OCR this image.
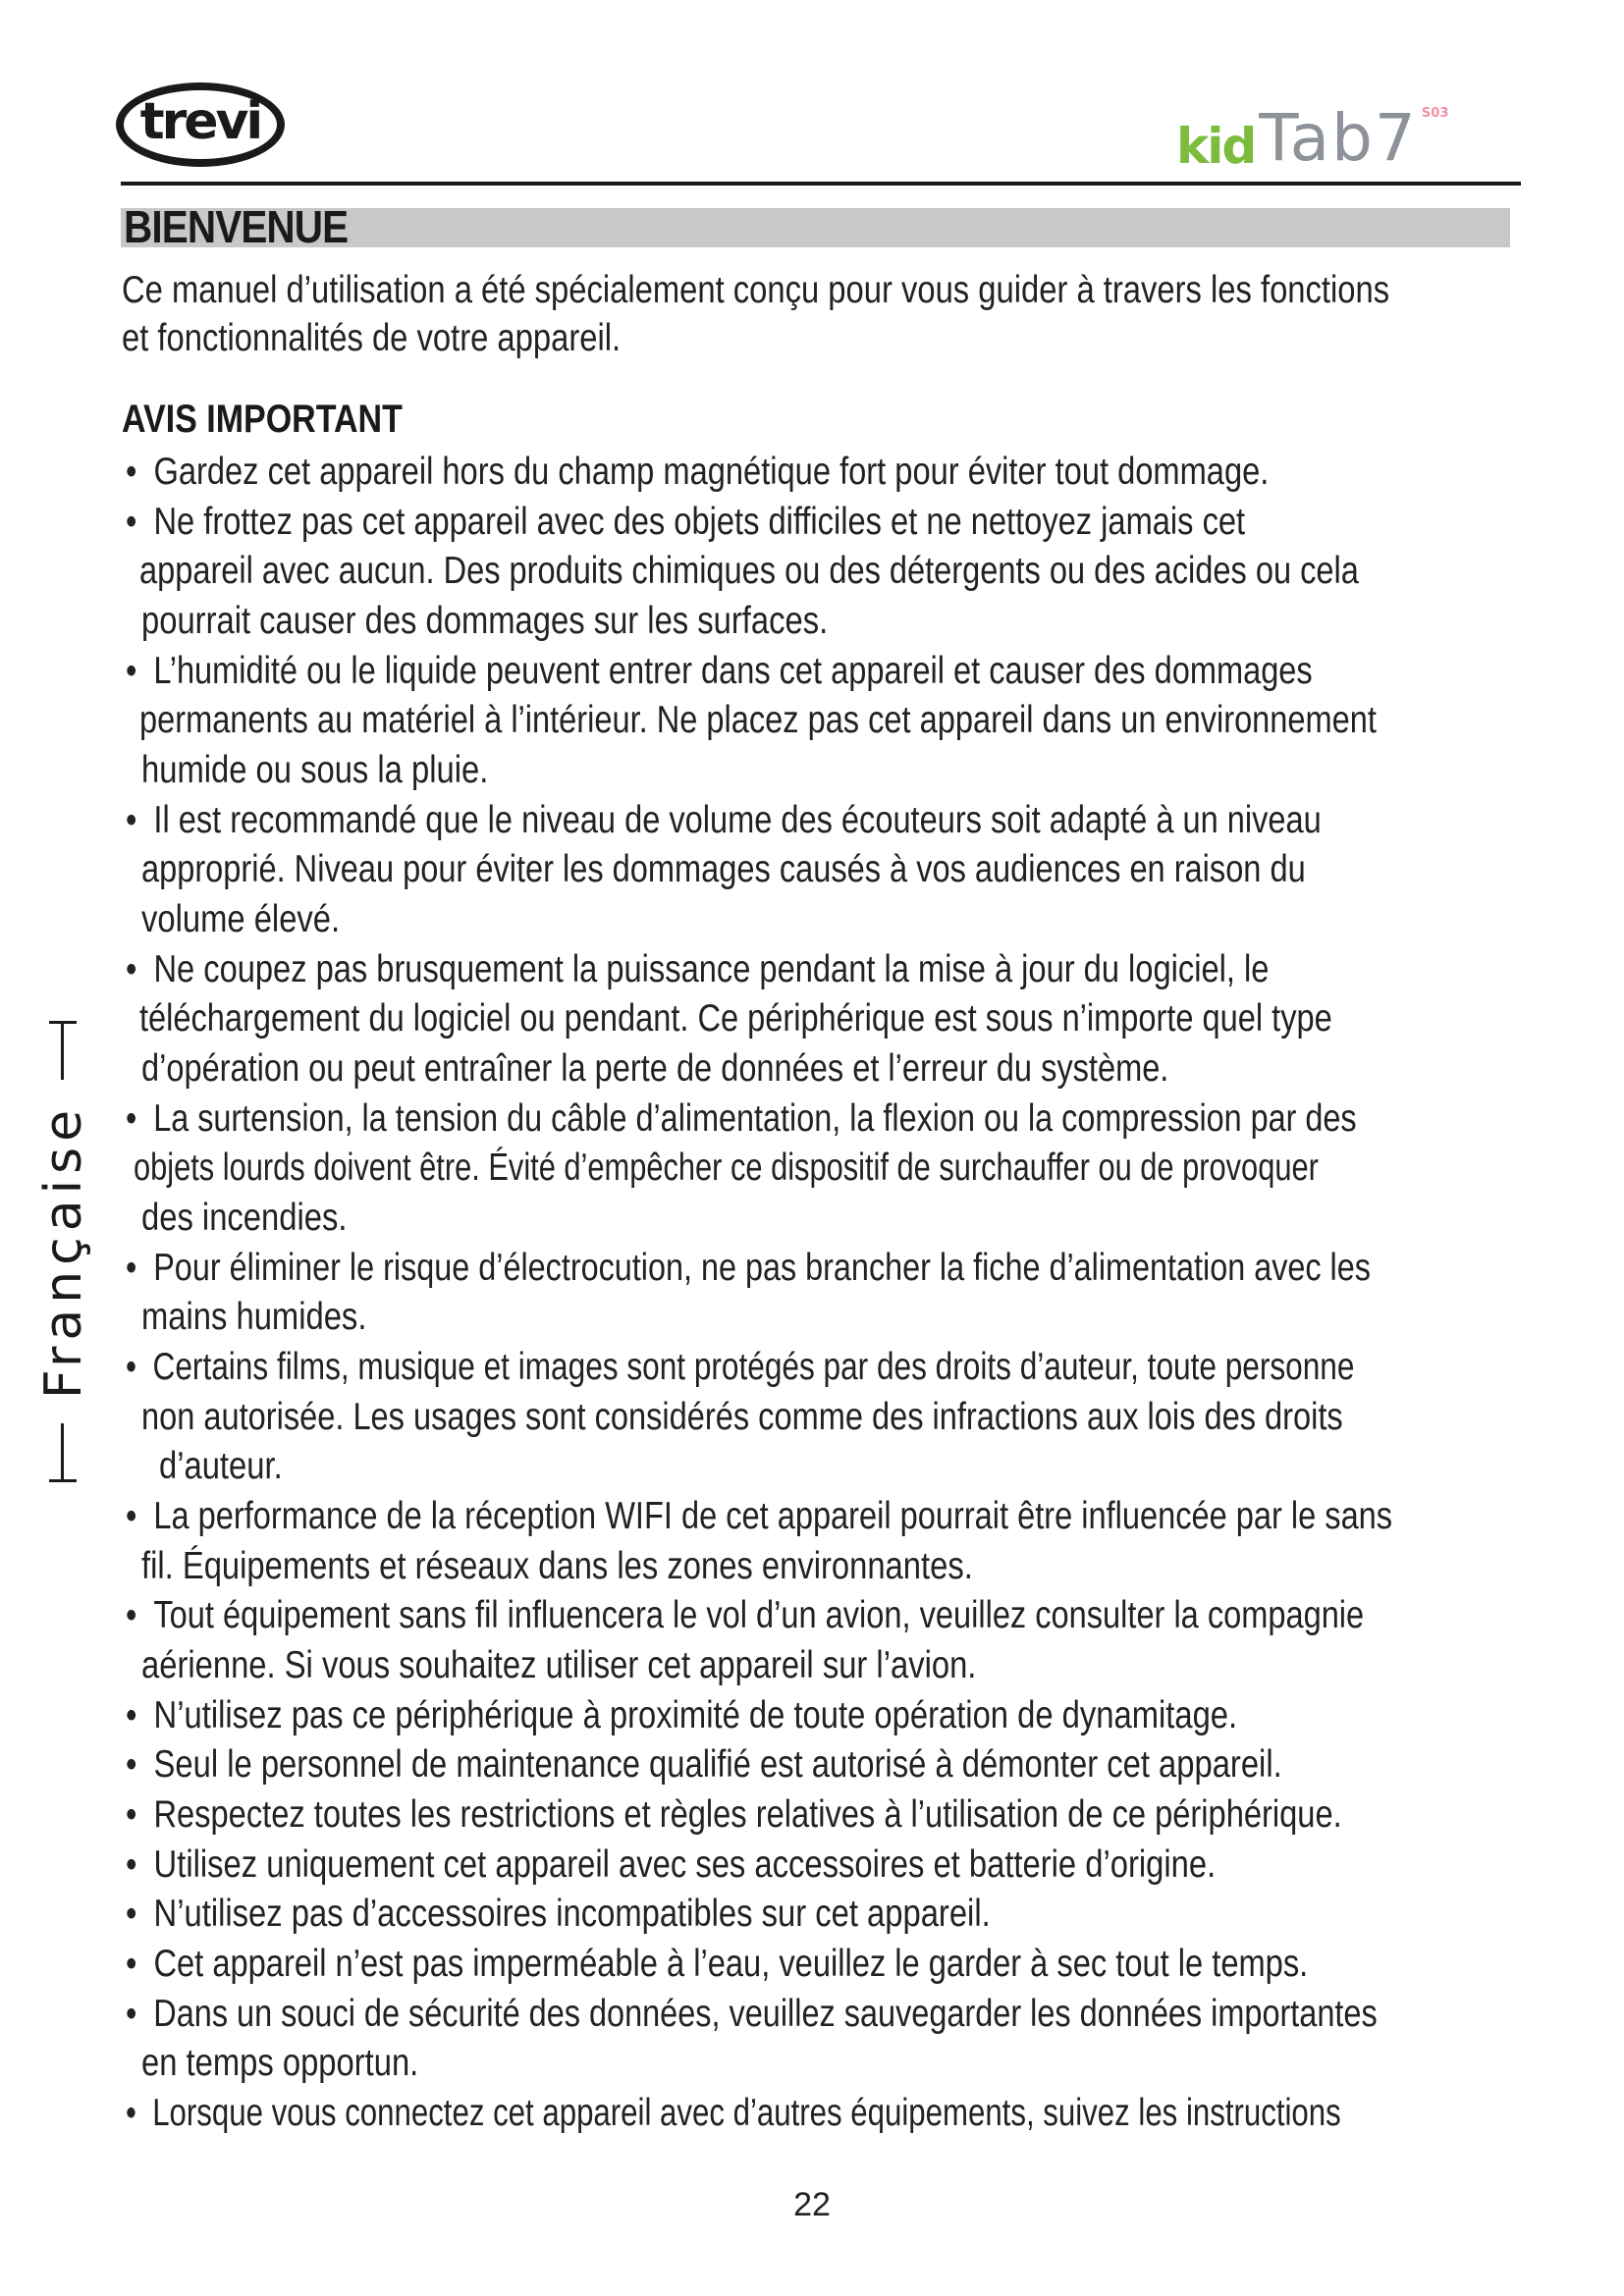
trevi	kid Tab7 S03
BIENVENUE

Ce manuel d’utilisation a été spécialement conçu pour vous guider à travers les fonctions

et fonctionnalités de votre appareil.

AVIS IMPORTANT

• Gardez cet appareil hors du champ magnétique fort pour éviter tout dommage.

• Ne frottez pas cet appareil avec des objets difficiles et ne nettoyez jamais cet

appareil avec aucun. Des produits chimiques ou des détergents ou des acides ou cela

pourrait causer des dommages sur les surfaces.

• L’humidité ou le liquide peuvent entrer dans cet appareil et causer des dommages

permanents au matériel à l’intérieur. Ne placez pas cet appareil dans un environnement

humide ou sous la pluie.

• Il est recommandé que le niveau de volume des écouteurs soit adapté à un niveau

approprié. Niveau pour éviter les dommages causés à vos audiences en raison du

volume élevé.

• Ne coupez pas brusquement la puissance pendant la mise à jour du logiciel, le

téléchargement du logiciel ou pendant. Ce périphérique est sous n’importe quel type

d’opération ou peut entraîner la perte de données et l’erreur du système.

• La surtension, la tension du câble d’alimentation, la flexion ou la compression par des

objets lourds doivent être. Évité d’empêcher ce dispositif de surchauffer ou de provoquer

des incendies.

• Pour éliminer le risque d’électrocution, ne pas brancher la fiche d’alimentation avec les

mains humides.

• Certains films, musique et images sont protégés par des droits d’auteur, toute personne

non autorisée. Les usages sont considérés comme des infractions aux lois des droits

d’auteur.

• La performance de la réception WIFI de cet appareil pourrait être influencée par le sans

fil. Équipements et réseaux dans les zones environnantes.

• Tout équipement sans fil influencera le vol d’un avion, veuillez consulter la compagnie

aérienne. Si vous souhaitez utiliser cet appareil sur l’avion.

• N’utilisez pas ce périphérique à proximité de toute opération de dynamitage.

• Seul le personnel de maintenance qualifié est autorisé à démonter cet appareil.

• Respectez toutes les restrictions et règles relatives à l’utilisation de ce périphérique.

• Utilisez uniquement cet appareil avec ses accessoires et batterie d’origine.

• N’utilisez pas d’accessoires incompatibles sur cet appareil.

• Cet appareil n’est pas imperméable à l’eau, veuillez le garder à sec tout le temps.

• Dans un souci de sécurité des données, veuillez sauvegarder les données importantes

en temps opportun.

• Lorsque vous connectez cet appareil avec d’autres équipements, suivez les instructions

Française
22
